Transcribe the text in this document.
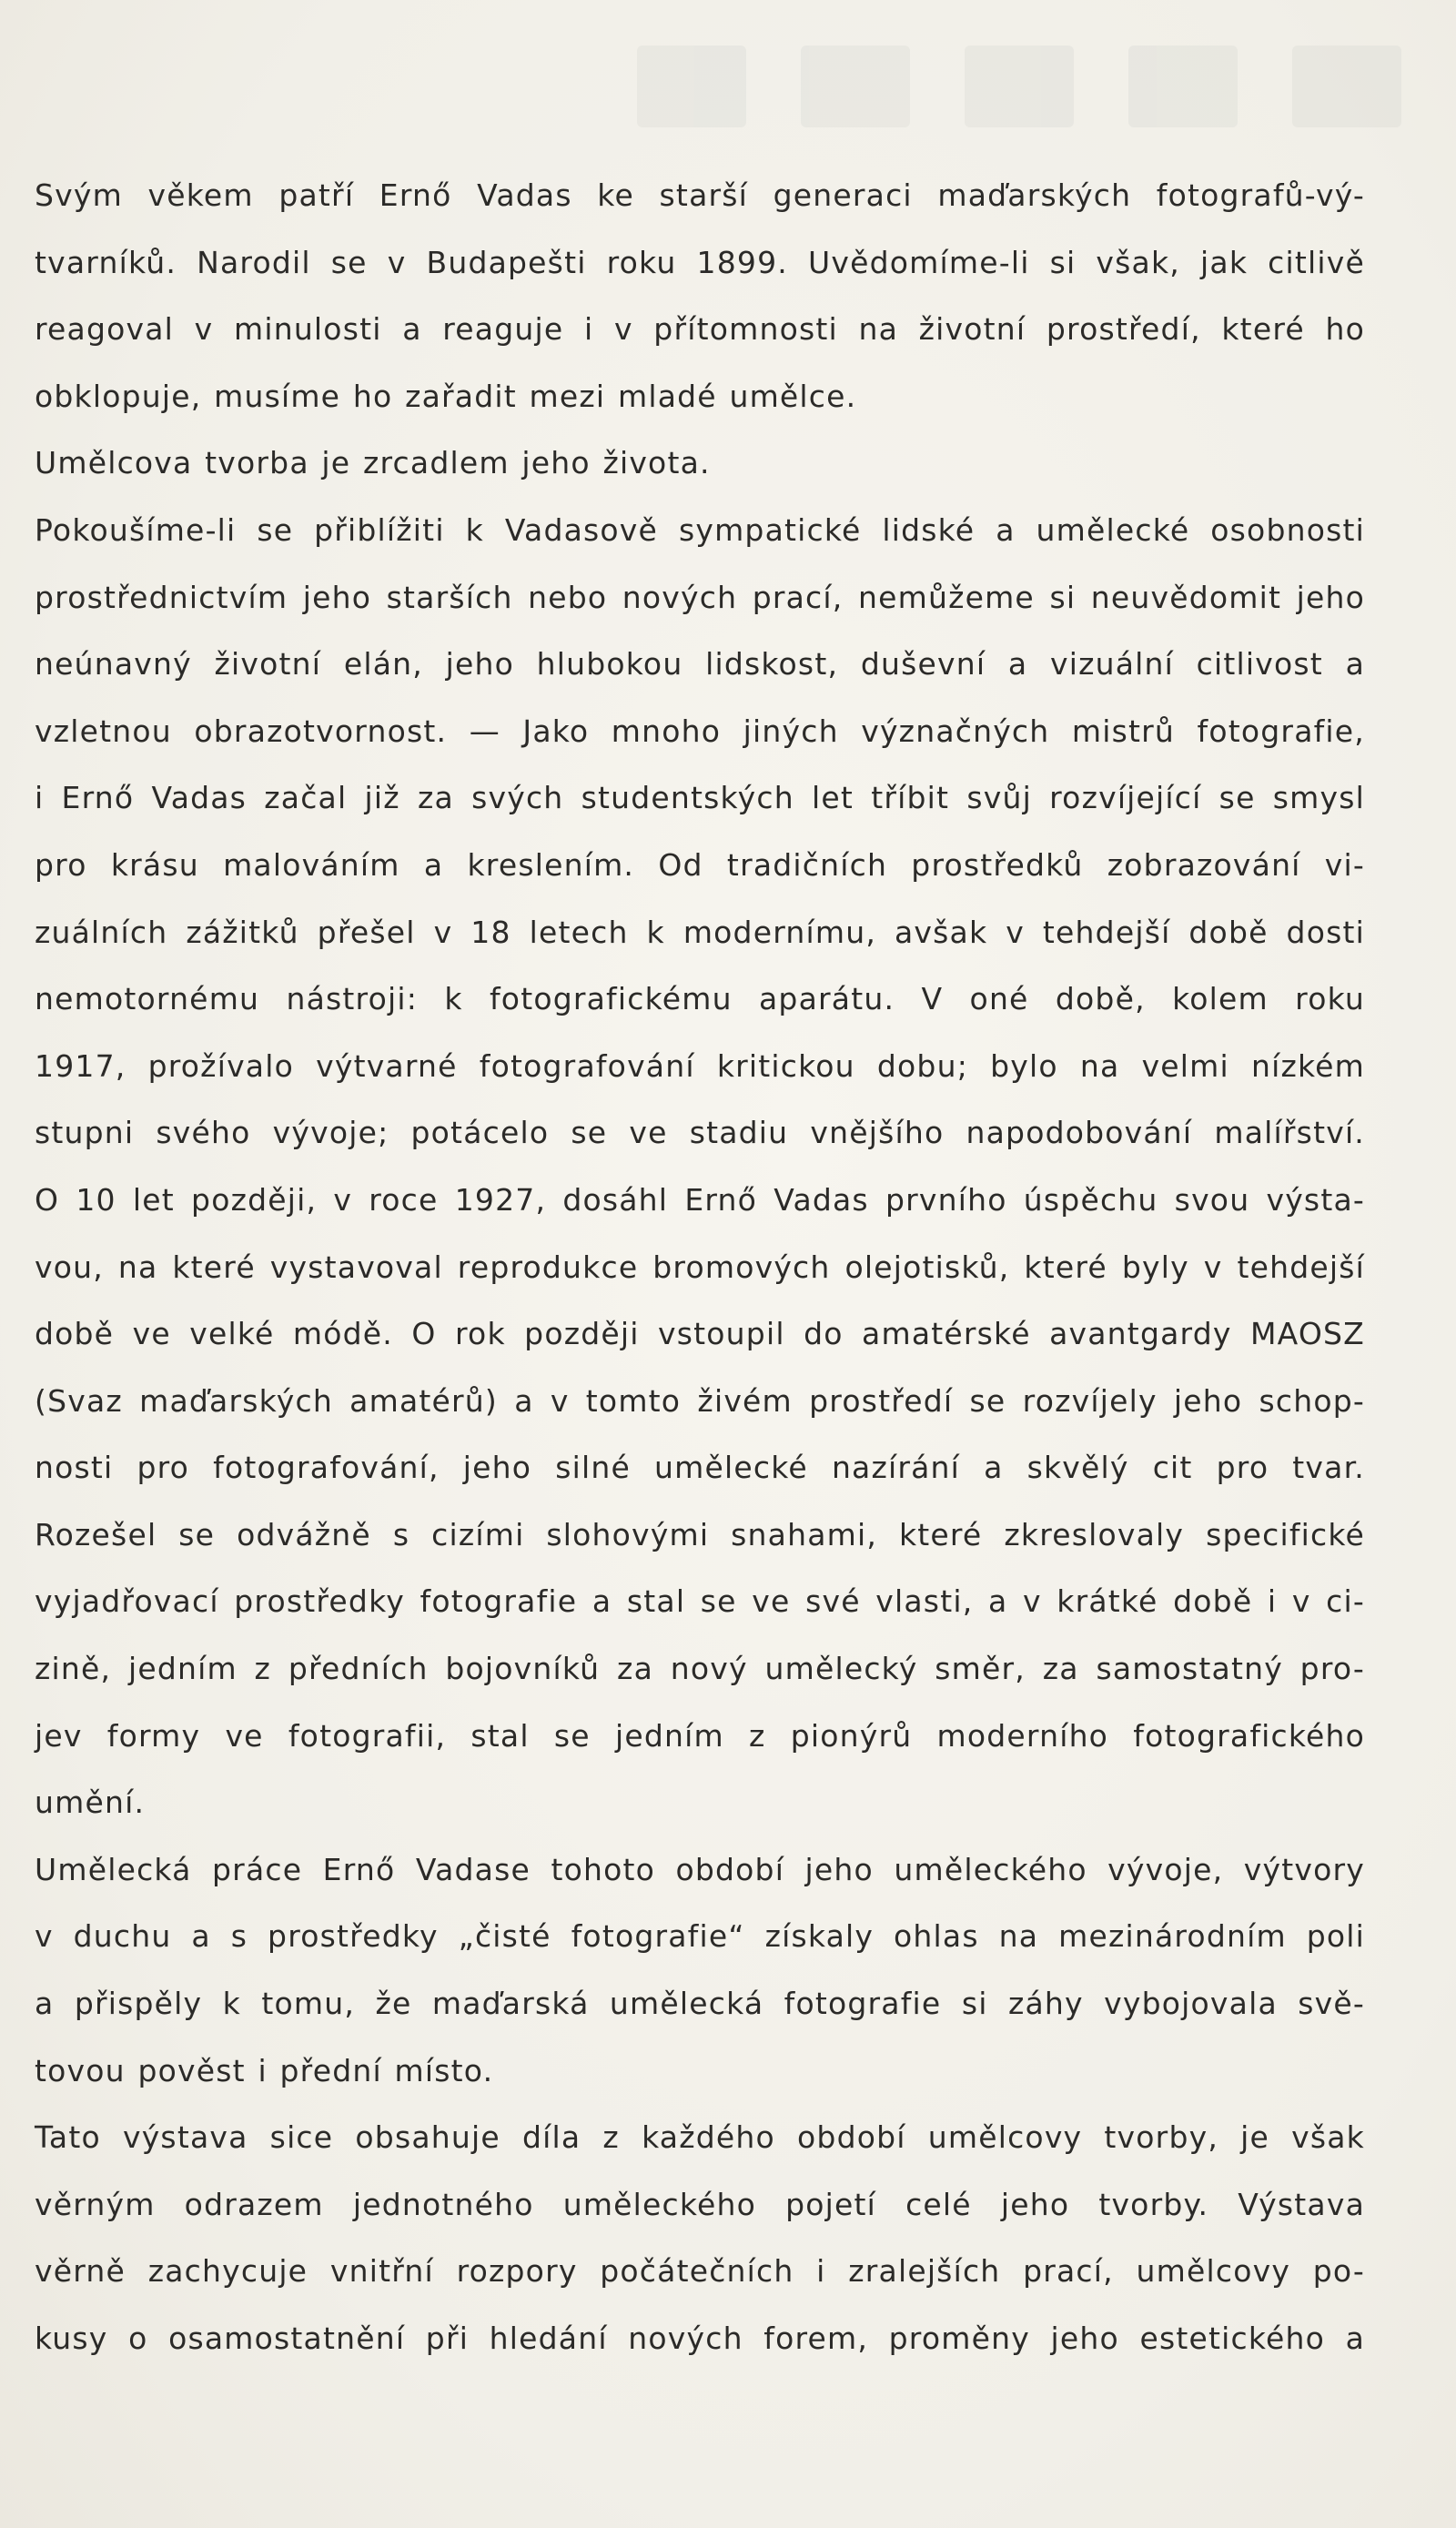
Svým věkem patří Ernő Vadas ke starší generaci maďarských fotografů-vý-
tvarníků. Narodil se v Budapešti roku 1899. Uvědomíme-li si však, jak citlivě
reagoval v minulosti a reaguje i v přítomnosti na životní prostředí, které ho
obklopuje, musíme ho zařadit mezi mladé umělce.
Umělcova tvorba je zrcadlem jeho života.
Pokoušíme-li se přiblížiti k Vadasově sympatické lidské a umělecké osobnosti
prostřednictvím jeho starších nebo nových prací, nemůžeme si neuvědomit jeho
neúnavný životní elán, jeho hlubokou lidskost, duševní a vizuální citlivost a
vzletnou obrazotvornost. — Jako mnoho jiných význačných mistrů fotografie,
i Ernő Vadas začal již za svých studentských let tříbit svůj rozvíjející se smysl
pro krásu malováním a kreslením. Od tradičních prostředků zobrazování vi-
zuálních zážitků přešel v 18 letech k modernímu, avšak v tehdejší době dosti
nemotornému nástroji: k fotografickému aparátu. V oné době, kolem roku
1917, prožívalo výtvarné fotografování kritickou dobu; bylo na velmi nízkém
stupni svého vývoje; potácelo se ve stadiu vnějšího napodobování malířství.
O 10 let později, v roce 1927, dosáhl Ernő Vadas prvního úspěchu svou výsta-
vou, na které vystavoval reprodukce bromových olejotisků, které byly v tehdejší
době ve velké módě. O rok později vstoupil do amatérské avantgardy MAOSZ
(Svaz maďarských amatérů) a v tomto živém prostředí se rozvíjely jeho schop-
nosti pro fotografování, jeho silné umělecké nazírání a skvělý cit pro tvar.
Rozešel se odvážně s cizími slohovými snahami, které zkreslovaly specifické
vyjadřovací prostředky fotografie a stal se ve své vlasti, a v krátké době i v ci-
zině, jedním z předních bojovníků za nový umělecký směr, za samostatný pro-
jev formy ve fotografii, stal se jedním z pionýrů moderního fotografického
umění.
Umělecká práce Ernő Vadase tohoto období jeho uměleckého vývoje, výtvory
v duchu a s prostředky „čisté fotografie“ získaly ohlas na mezinárodním poli
a přispěly k tomu, že maďarská umělecká fotografie si záhy vybojovala svě-
tovou pověst i přední místo.
Tato výstava sice obsahuje díla z každého období umělcovy tvorby, je však
věrným odrazem jednotného uměleckého pojetí celé jeho tvorby. Výstava
věrně zachycuje vnitřní rozpory počátečních i zralejších prací, umělcovy po-
kusy o osamostatnění při hledání nových forem, proměny jeho estetického a
